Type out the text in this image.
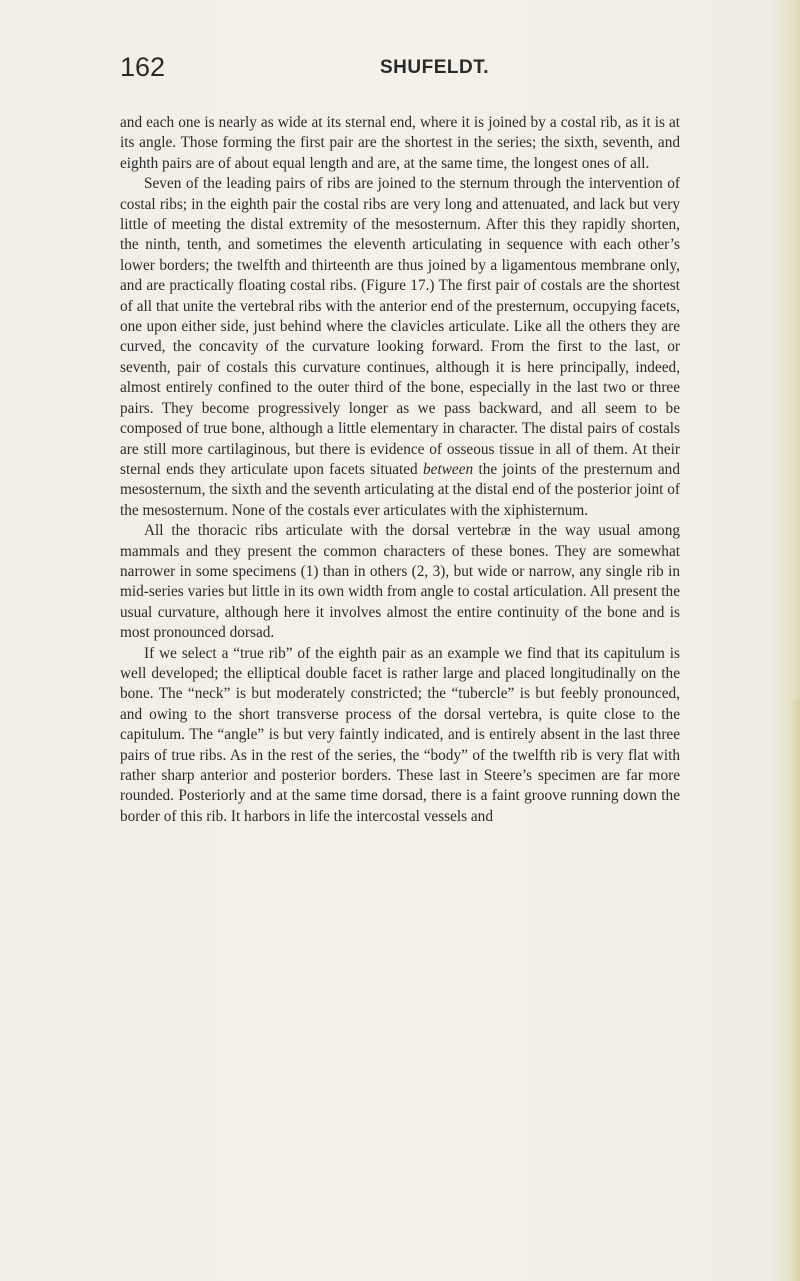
162	SHUFELDT.

and each one is nearly as wide at its sternal end, where it is joined by a costal rib, as it is at its angle. Those forming the first pair are the shortest in the series; the sixth, seventh, and eighth pairs are of about equal length and are, at the same time, the longest ones of all.

Seven of the leading pairs of ribs are joined to the sternum through the intervention of costal ribs; in the eighth pair the costal ribs are very long and attenuated, and lack but very little of meeting the distal extremity of the mesosternum. After this they rapidly shorten, the ninth, tenth, and sometimes the eleventh articulating in sequence with each other’s lower borders; the twelfth and thirteenth are thus joined by a ligamentous membrane only, and are practically floating costal ribs. (Figure 17.) The first pair of costals are the shortest of all that unite the vertebral ribs with the anterior end of the presternum, occupying facets, one upon either side, just behind where the clavicles articulate. Like all the others they are curved, the concavity of the curvature looking forward. From the first to the last, or seventh, pair of costals this curvature continues, although it is here principally, indeed, almost entirely confined to the outer third of the bone, especially in the last two or three pairs. They become progressively longer as we pass backward, and all seem to be composed of true bone, although a little elementary in character. The distal pairs of costals are still more cartilaginous, but there is evidence of osseous tissue in all of them. At their sternal ends they articulate upon facets situated between the joints of the presternum and mesosternum, the sixth and the seventh articulating at the distal end of the posterior joint of the mesosternum. None of the costals ever articulates with the xiphisternum.

All the thoracic ribs articulate with the dorsal vertebræ in the way usual among mammals and they present the common characters of these bones. They are somewhat narrower in some specimens (1) than in others (2, 3), but wide or narrow, any single rib in mid-series varies but little in its own width from angle to costal articulation. All present the usual curvature, although here it involves almost the entire continuity of the bone and is most pronounced dorsad.

If we select a “true rib” of the eighth pair as an example we find that its capitulum is well developed; the elliptical double facet is rather large and placed longitudinally on the bone. The “neck” is but moderately constricted; the “tubercle” is but feebly pronounced, and owing to the short transverse process of the dorsal vertebra, is quite close to the capitulum. The “angle” is but very faintly indicated, and is entirely absent in the last three pairs of true ribs. As in the rest of the series, the “body” of the twelfth rib is very flat with rather sharp anterior and posterior borders. These last in Steere’s specimen are far more rounded. Posteriorly and at the same time dorsad, there is a faint groove running down the border of this rib. It harbors in life the intercostal vessels and
